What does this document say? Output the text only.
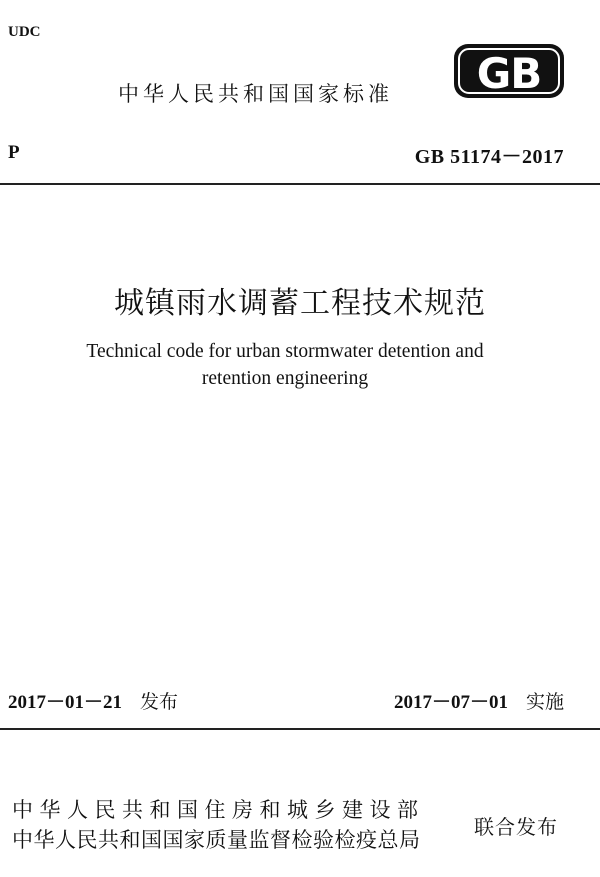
UDC
中华人民共和国国家标准 GB
P	GB 51174－2017
城镇雨水调蓄工程技术规范
Technical code for urban stormwater detention and
retention engineering
2017－01－21 发布	2017－07－01 实施
中华人民共和国住房和城乡建设部
中华人民共和国国家质量监督检验检疫总局
联合发布
